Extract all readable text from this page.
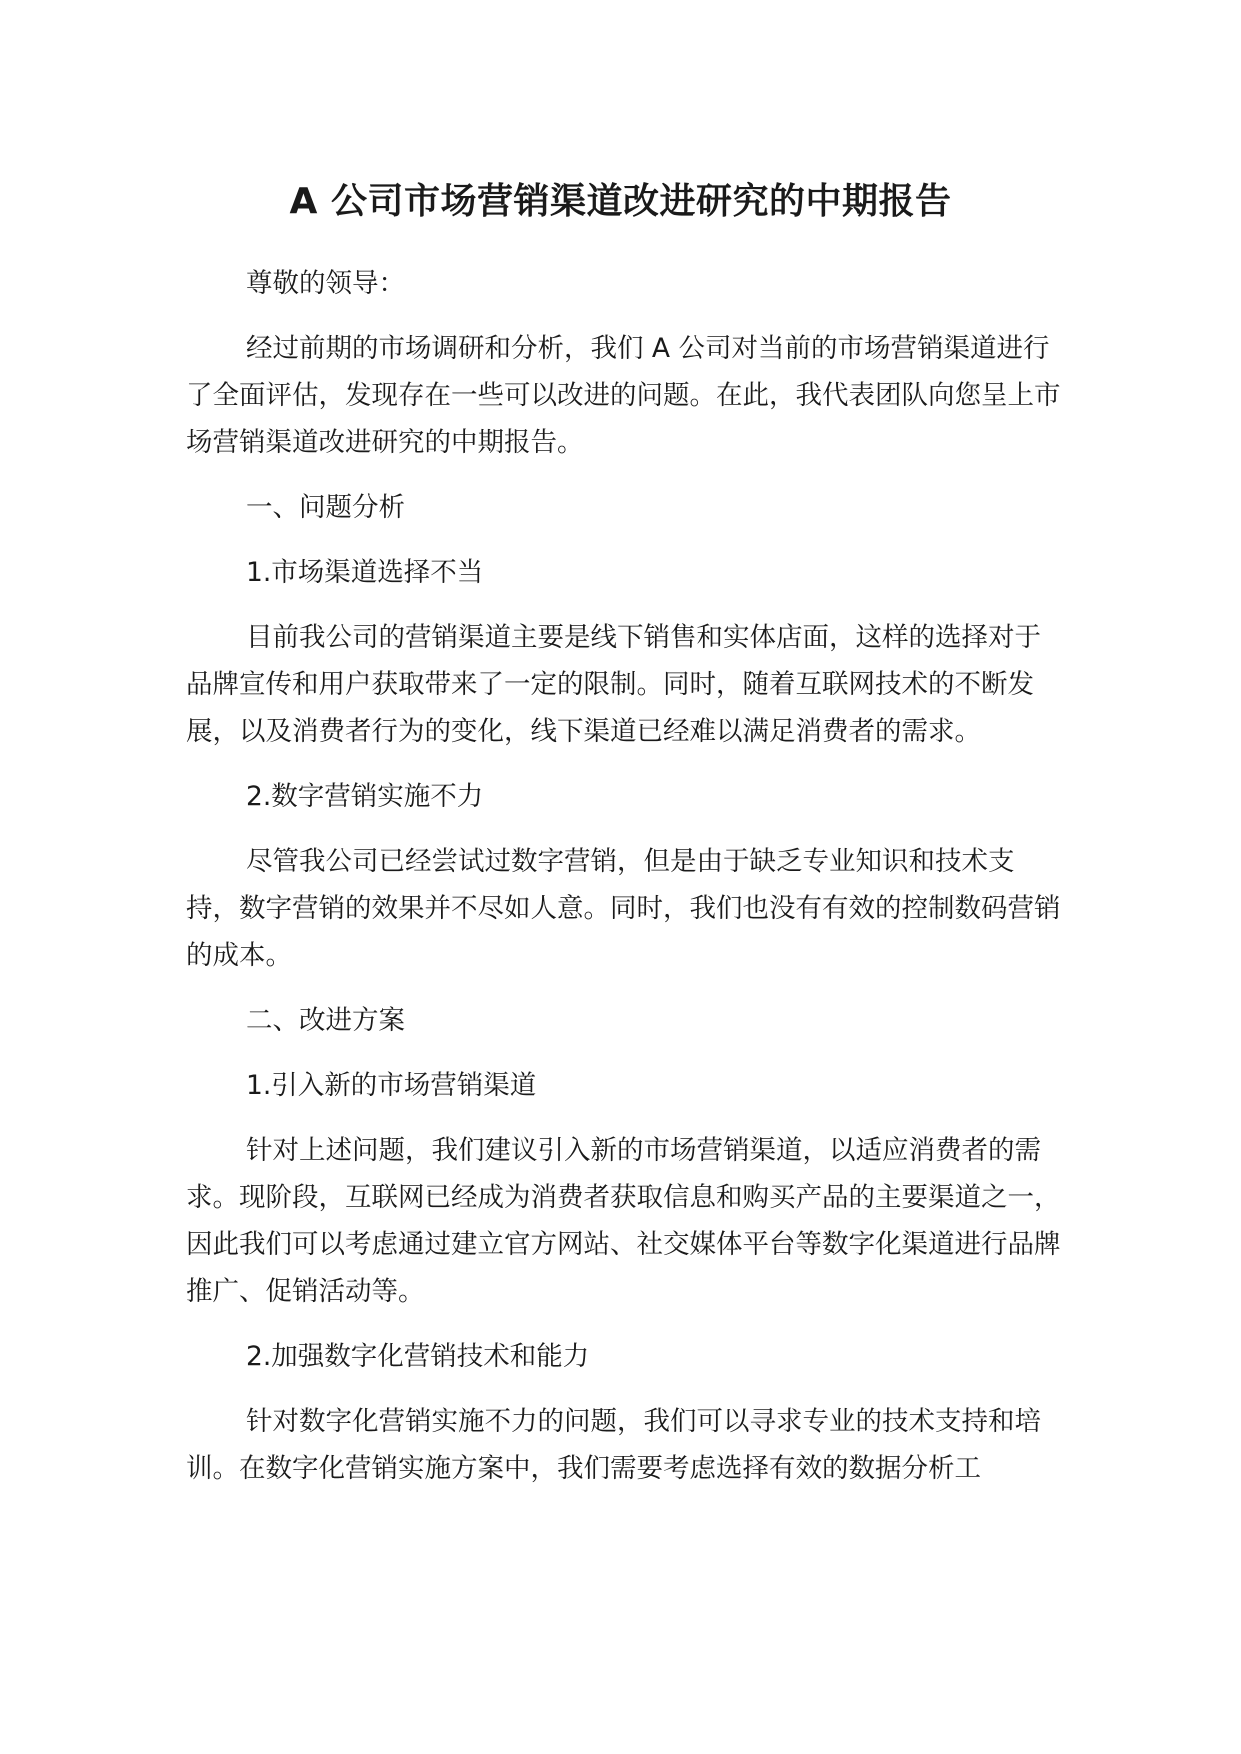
A 公司市场营销渠道改进研究的中期报告

尊敬的领导：

经过前期的市场调研和分析，我们 A 公司对当前的市场营销渠道进行了全面评估，发现存在一些可以改进的问题。在此，我代表团队向您呈上市场营销渠道改进研究的中期报告。

一、问题分析

1.市场渠道选择不当

目前我公司的营销渠道主要是线下销售和实体店面，这样的选择对于品牌宣传和用户获取带来了一定的限制。同时，随着互联网技术的不断发展，以及消费者行为的变化，线下渠道已经难以满足消费者的需求。

2.数字营销实施不力

尽管我公司已经尝试过数字营销，但是由于缺乏专业知识和技术支持，数字营销的效果并不尽如人意。同时，我们也没有有效的控制数码营销的成本。

二、改进方案

1.引入新的市场营销渠道

针对上述问题，我们建议引入新的市场营销渠道，以适应消费者的需求。现阶段，互联网已经成为消费者获取信息和购买产品的主要渠道之一，因此我们可以考虑通过建立官方网站、社交媒体平台等数字化渠道进行品牌推广、促销活动等。

2.加强数字化营销技术和能力

针对数字化营销实施不力的问题，我们可以寻求专业的技术支持和培训。在数字化营销实施方案中，我们需要考虑选择有效的数据分析工
